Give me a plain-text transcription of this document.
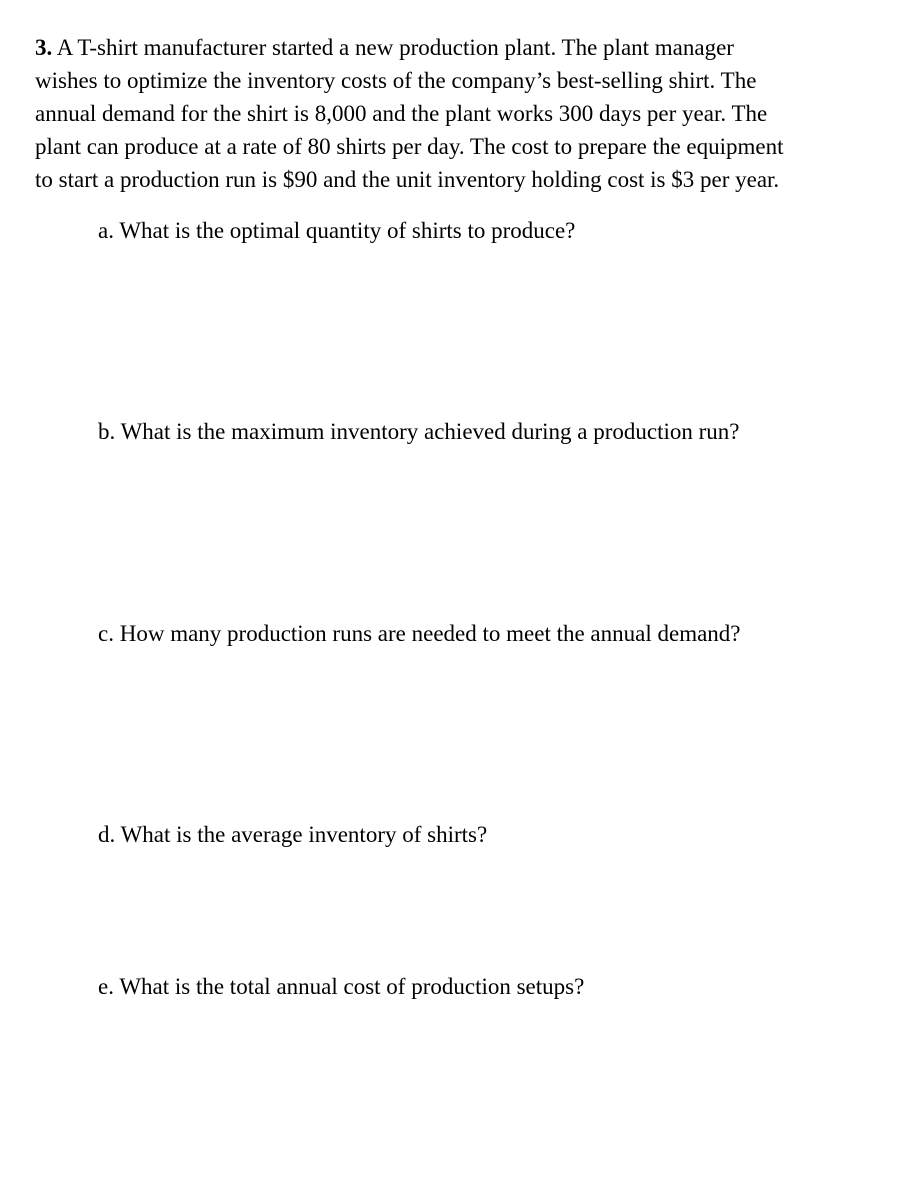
3. A T-shirt manufacturer started a new production plant. The plant manager
wishes to optimize the inventory costs of the company’s best-selling shirt. The
annual demand for the shirt is 8,000 and the plant works 300 days per year. The
plant can produce at a rate of 80 shirts per day. The cost to prepare the equipment
to start a production run is $90 and the unit inventory holding cost is $3 per year.
a. What is the optimal quantity of shirts to produce?
b. What is the maximum inventory achieved during a production run?
c. How many production runs are needed to meet the annual demand?
d. What is the average inventory of shirts?
e. What is the total annual cost of production setups?
